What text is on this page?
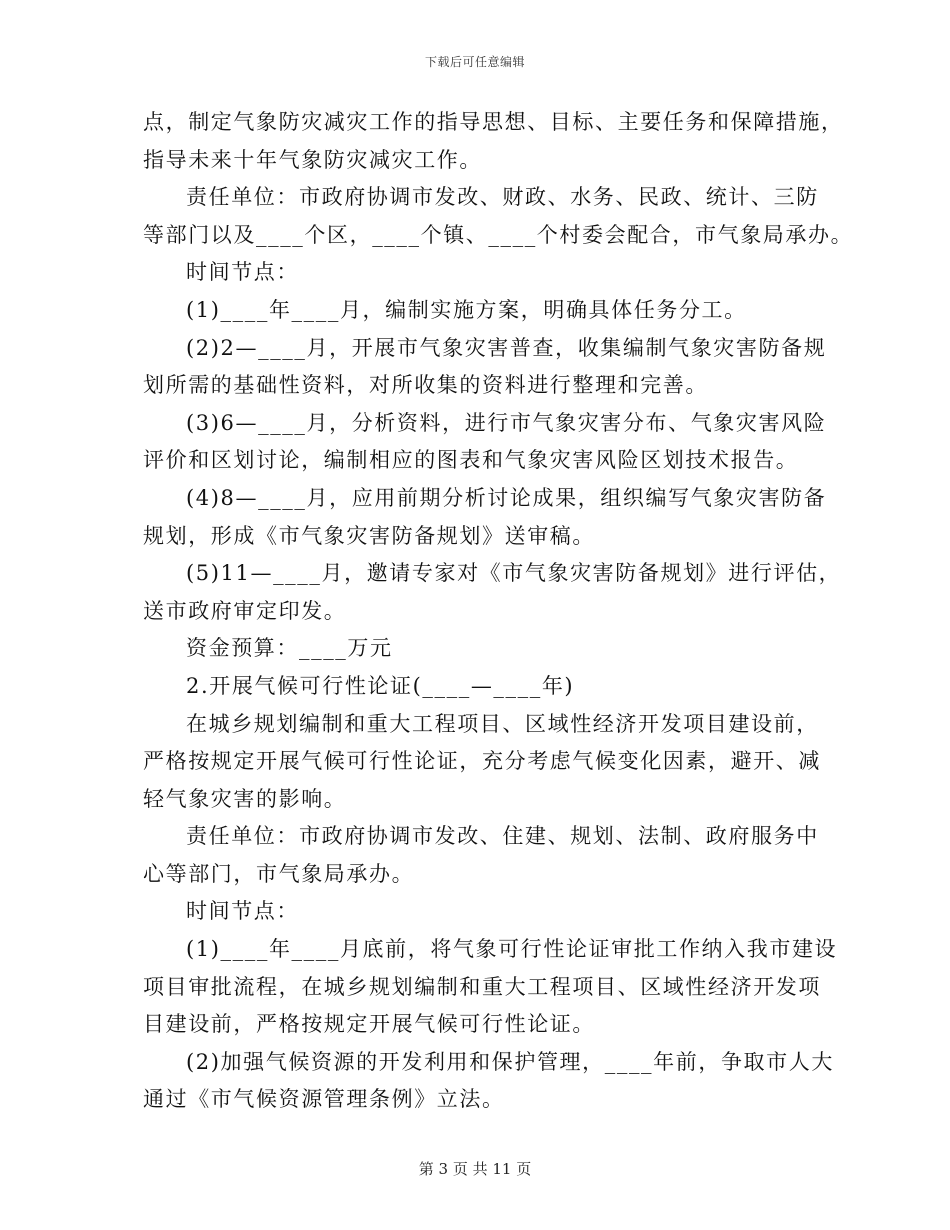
下载后可任意编辑
点，制定气象防灾减灾工作的指导思想、目标、主要任务和保障措施，
指导未来十年气象防灾减灾工作。
责任单位：市政府协调市发改、财政、水务、民政、统计、三防
等部门以及____个区，____个镇、____个村委会配合，市气象局承办。
时间节点：
(1)____年____月，编制实施方案，明确具体任务分工。
(2)2—____月，开展市气象灾害普查，收集编制气象灾害防备规
划所需的基础性资料，对所收集的资料进行整理和完善。
(3)6—____月，分析资料，进行市气象灾害分布、气象灾害风险
评价和区划讨论，编制相应的图表和气象灾害风险区划技术报告。
(4)8—____月，应用前期分析讨论成果，组织编写气象灾害防备
规划，形成《市气象灾害防备规划》送审稿。
(5)11—____月，邀请专家对《市气象灾害防备规划》进行评估，
送市政府审定印发。
资金预算：____万元
2.开展气候可行性论证(____—____年)
在城乡规划编制和重大工程项目、区域性经济开发项目建设前，
严格按规定开展气候可行性论证，充分考虑气候变化因素，避开、减
轻气象灾害的影响。
责任单位：市政府协调市发改、住建、规划、法制、政府服务中
心等部门，市气象局承办。
时间节点：
(1)____年____月底前，将气象可行性论证审批工作纳入我市建设
项目审批流程，在城乡规划编制和重大工程项目、区域性经济开发项
目建设前，严格按规定开展气候可行性论证。
(2)加强气候资源的开发利用和保护管理，____年前，争取市人大
通过《市气候资源管理条例》立法。
第 3 页 共 11 页
